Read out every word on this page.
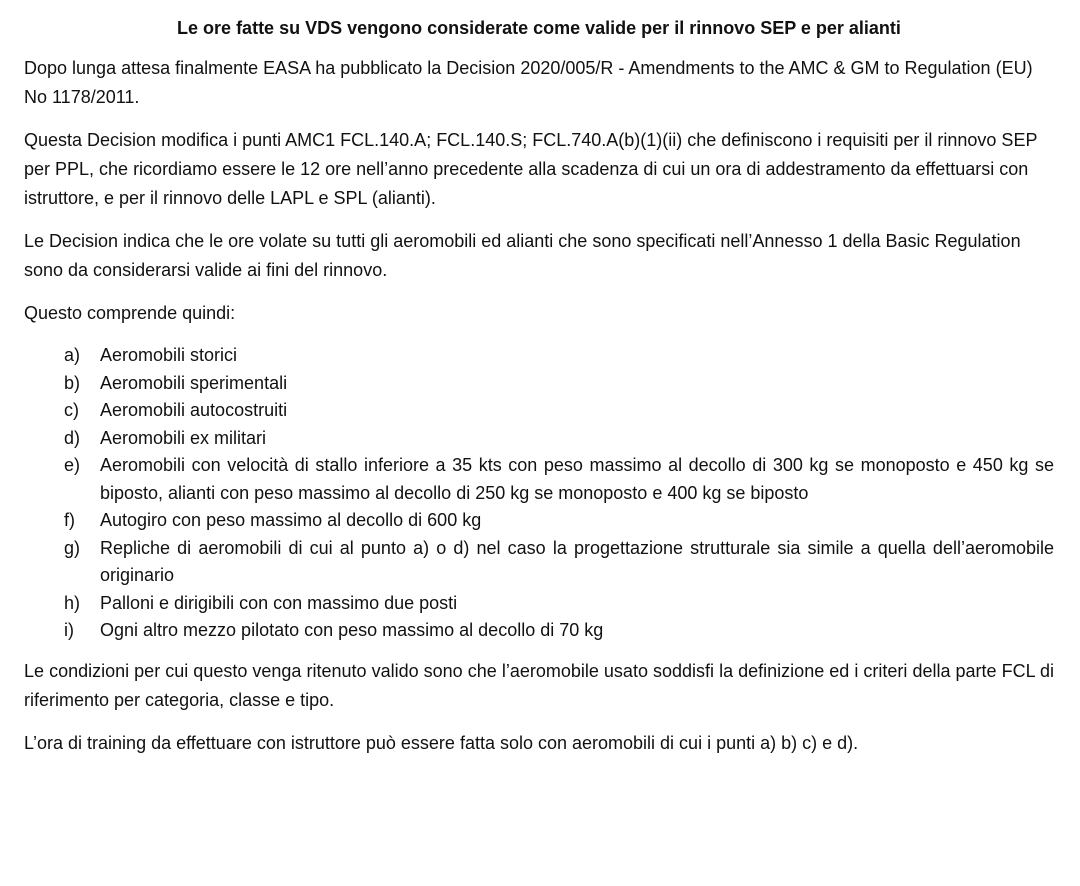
Le ore fatte su VDS vengono considerate come valide per il rinnovo SEP e per alianti

Dopo lunga attesa finalmente EASA ha pubblicato la Decision 2020/005/R - Amendments to the AMC & GM to Regulation (EU) No 1178/2011.

Questa Decision modifica i punti AMC1 FCL.140.A; FCL.140.S; FCL.740.A(b)(1)(ii) che definiscono i requisiti per il rinnovo SEP per PPL, che ricordiamo essere le 12 ore nell’anno precedente alla scadenza di cui un ora di addestramento da effettuarsi con istruttore, e per il rinnovo delle LAPL e SPL (alianti).

Le Decision indica che le ore volate su tutti gli aeromobili ed alianti che sono specificati nell’Annesso 1 della Basic Regulation sono da considerarsi valide ai fini del rinnovo.

Questo comprende quindi:

a)	Aeromobili storici
b)	Aeromobili sperimentali
c)	Aeromobili autocostruiti
d)	Aeromobili ex militari
e)	Aeromobili con velocità di stallo inferiore a 35 kts con peso massimo al decollo di 300 kg se monoposto e 450 kg se biposto, alianti con peso massimo al decollo di 250 kg se monoposto e 400 kg se biposto
f)	Autogiro con peso massimo al decollo di 600 kg
g)	Repliche di aeromobili di cui al punto a) o d) nel caso la progettazione strutturale sia simile a quella dell’aeromobile originario
h)	Palloni e dirigibili con con massimo due posti
i)	Ogni altro mezzo pilotato con peso massimo al decollo di 70 kg

Le condizioni per cui questo venga ritenuto valido sono che l’aeromobile usato soddisfi la definizione ed i criteri della parte FCL di riferimento per categoria, classe e tipo.

L’ora di training da effettuare con istruttore può essere fatta solo con aeromobili di cui i punti a) b) c) e d).
